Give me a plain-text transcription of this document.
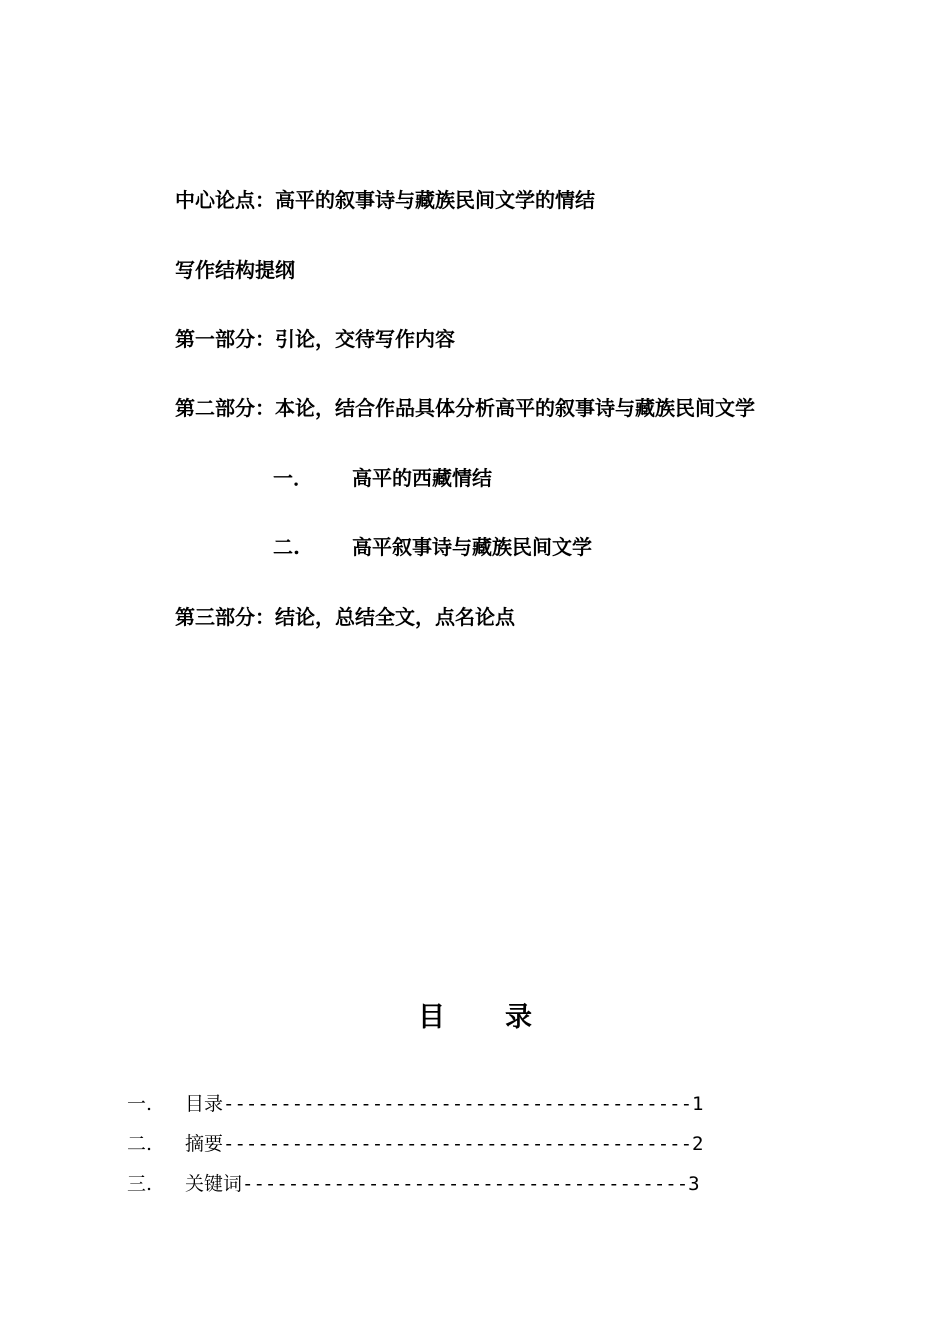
中心论点：高平的叙事诗与藏族民间文学的情结
写作结构提纲
第一部分：引论，交待写作内容
第二部分：本论，结合作品具体分析高平的叙事诗与藏族民间文学
一． 高平的西藏情结
二.	高平叙事诗与藏族民间文学
第三部分：结论，总结全文，点名论点
目 录
一. 目录-----------------------------------------1
二. 摘要-----------------------------------------2
三. 关键词---------------------------------------3
